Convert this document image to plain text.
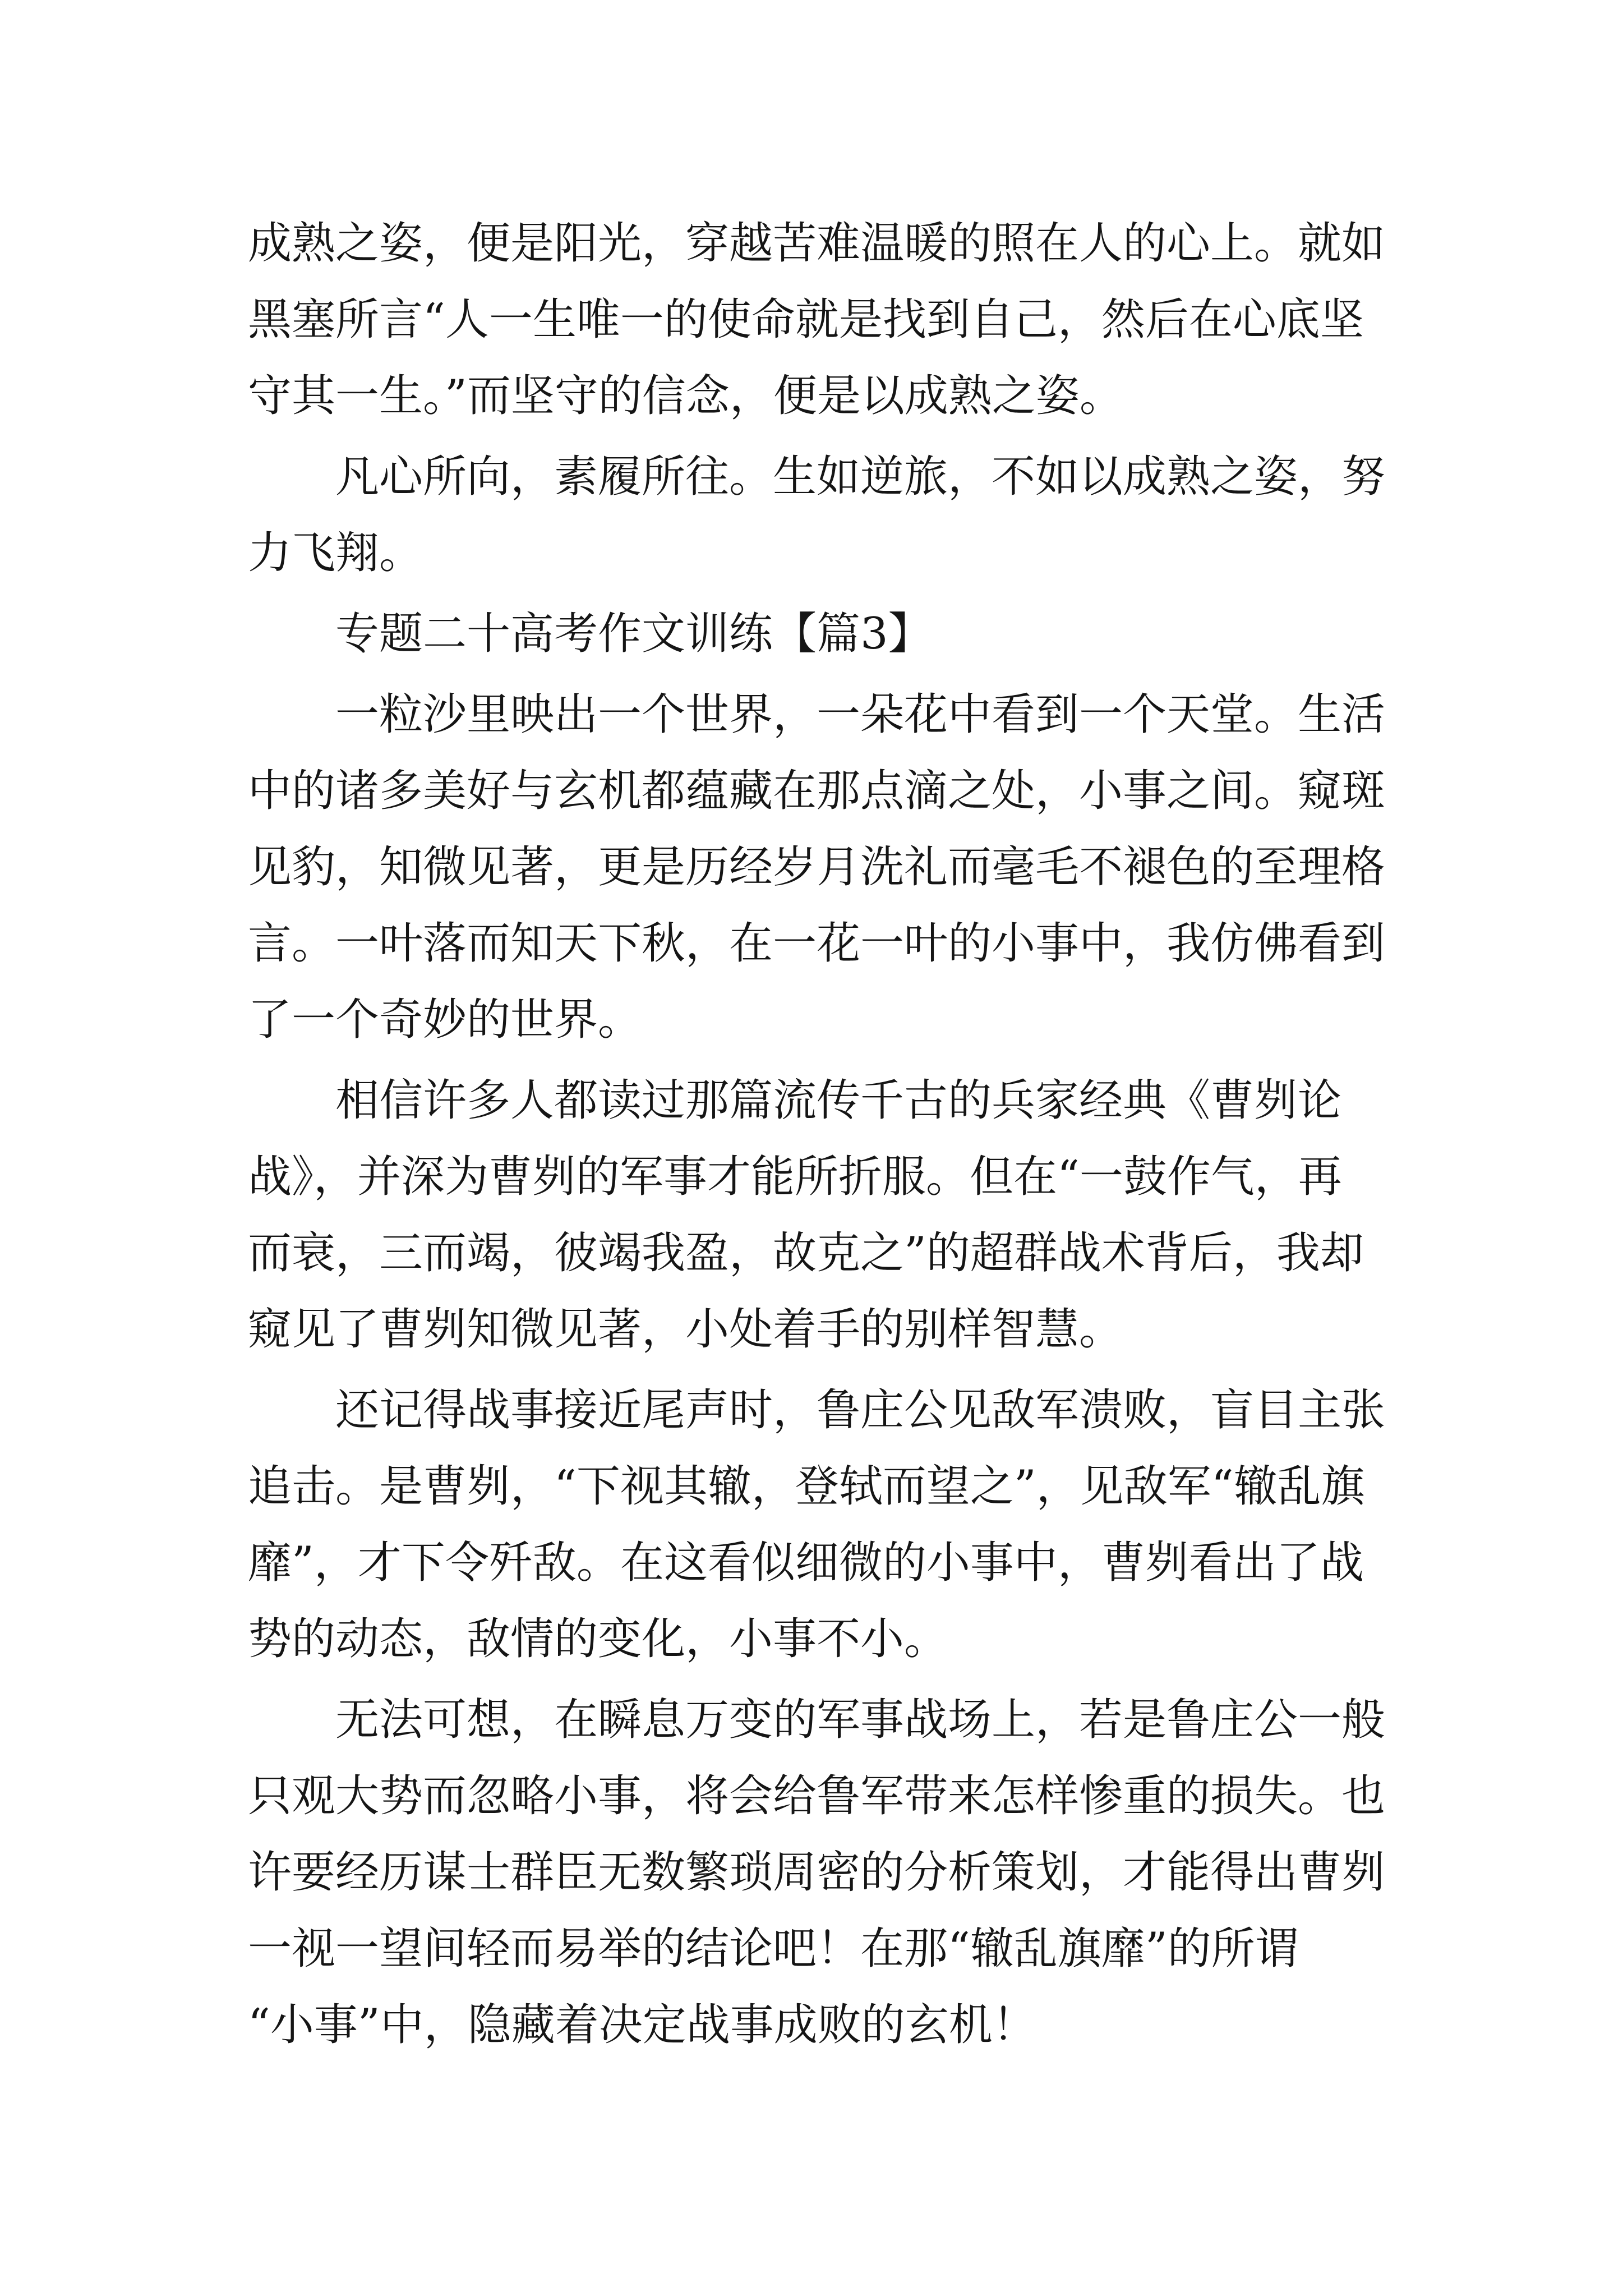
成熟之姿，便是阳光，穿越苦难温暖的照在人的心上。就如
黑塞所言“人一生唯一的使命就是找到自己，然后在心底坚
守其一生。”而坚守的信念，便是以成熟之姿。
凡心所向，素履所往。生如逆旅，不如以成熟之姿，努
力飞翔。
专题二十高考作文训练【篇3】
一粒沙里映出一个世界，一朵花中看到一个天堂。生活
中的诸多美好与玄机都蕴藏在那点滴之处，小事之间。窥斑
见豹，知微见著，更是历经岁月洗礼而毫毛不褪色的至理格
言。一叶落而知天下秋，在一花一叶的小事中，我仿佛看到
了一个奇妙的世界。
相信许多人都读过那篇流传千古的兵家经典《曹刿论
战》，并深为曹刿的军事才能所折服。但在“一鼓作气，再
而衰，三而竭，彼竭我盈，故克之”的超群战术背后，我却
窥见了曹刿知微见著，小处着手的别样智慧。
还记得战事接近尾声时，鲁庄公见敌军溃败，盲目主张
追击。是曹刿，“下视其辙，登轼而望之”，见敌军“辙乱旗
靡”，才下令歼敌。在这看似细微的小事中，曹刿看出了战
势的动态，敌情的变化，小事不小。
无法可想，在瞬息万变的军事战场上，若是鲁庄公一般
只观大势而忽略小事，将会给鲁军带来怎样惨重的损失。也
许要经历谋士群臣无数繁琐周密的分析策划，才能得出曹刿
一视一望间轻而易举的结论吧！在那“辙乱旗靡”的所谓
“小事”中，隐藏着决定战事成败的玄机！
